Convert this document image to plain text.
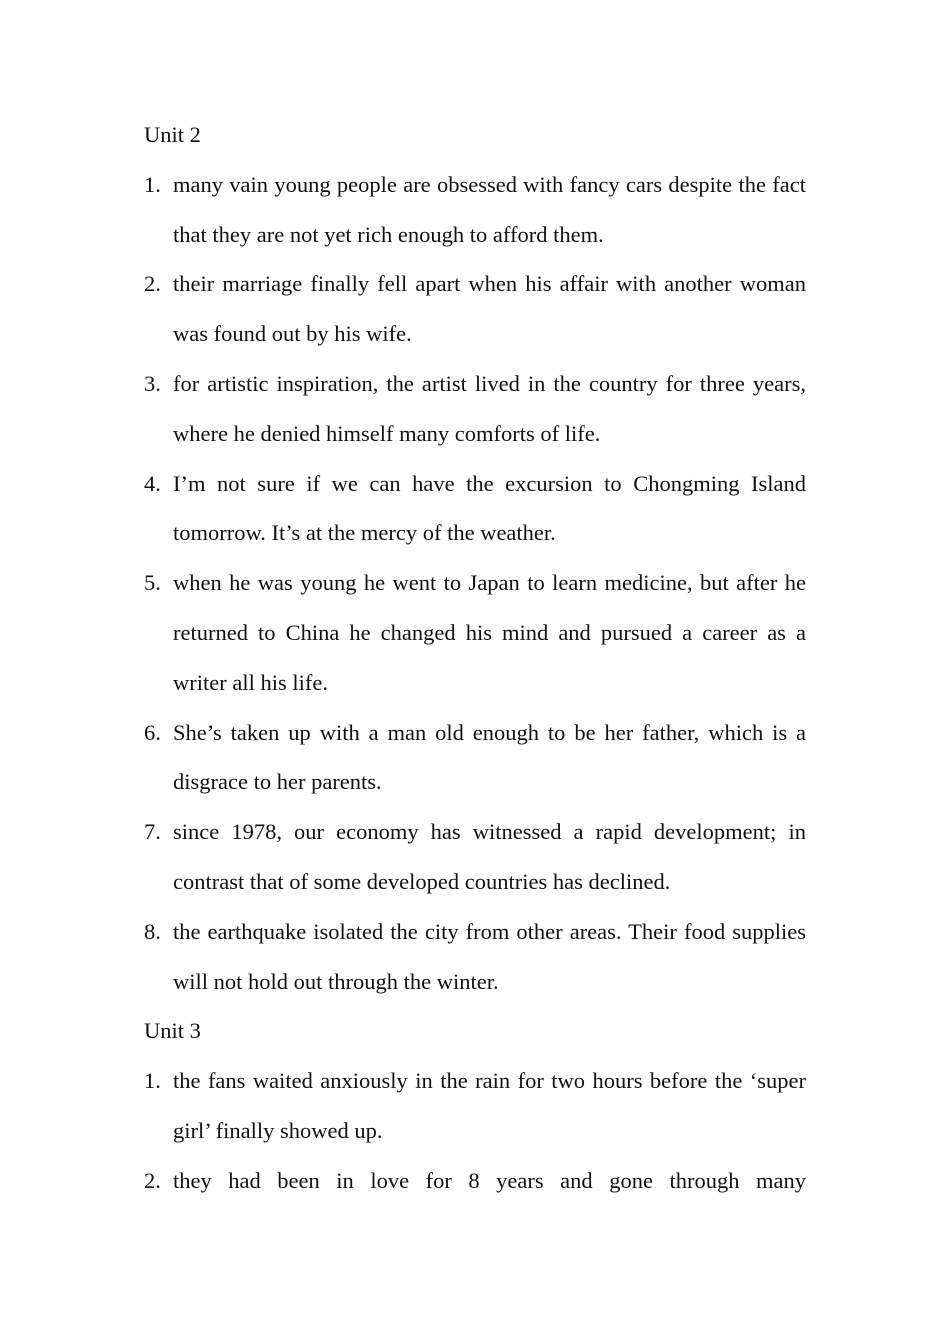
Unit 2
1. many vain young people are obsessed with fancy cars despite the fact that they are not yet rich enough to afford them.
2. their marriage finally fell apart when his affair with another woman was found out by his wife.
3. for artistic inspiration, the artist lived in the country for three years, where he denied himself many comforts of life.
4. I’m not sure if we can have the excursion to Chongming Island tomorrow. It’s at the mercy of the weather.
5. when he was young he went to Japan to learn medicine, but after he returned to China he changed his mind and pursued a career as a writer all his life.
6. She’s taken up with a man old enough to be her father, which is a disgrace to her parents.
7. since 1978, our economy has witnessed a rapid development; in contrast that of some developed countries has declined.
8. the earthquake isolated the city from other areas. Their food supplies will not hold out through the winter.
Unit 3
1. the fans waited anxiously in the rain for two hours before the ‘super girl’ finally showed up.
2. they had been in love for 8 years and gone through many
